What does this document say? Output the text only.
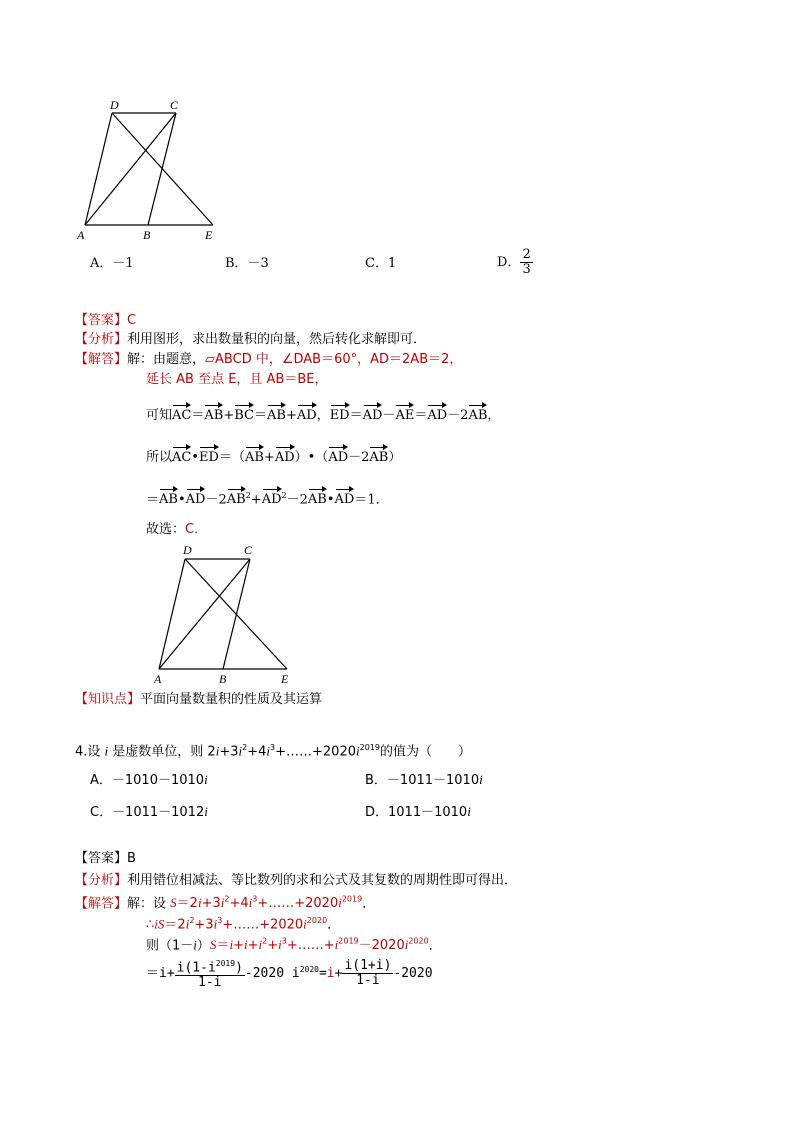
D	C
A	B	E
A．－1	B．－3	C．1	D． $\frac{2}{3}$
【答案】C
【分析】利用图形，求出数量积的向量，然后转化求解即可．
【解答】解：由题意，▱ABCD 中，∠DAB＝60°，AD＝2AB＝2，
延长 AB 至点 E，且 AB＝BE，
可知AC＝AB+BC＝AB+AD，ED＝AD－AE＝AD－2AB，
所以AC•ED＝（AB+AD）•（AD－2AB）
$=AB•AD-2AB^2+AD^2-2AB•AD=1$．
故选：C．
D	C
A	B	E
【知识点】平面向量数量积的性质及其运算
4.设 i 是虚数单位，则 $2i+3i^2+4i^3+\dots\dots+2020i^{2019}$的值为（　　）
A．－1010－1010i	B．－1011－1010i
C．－1011－1012i	D．1011－1010i
【答案】B
【分析】利用错位相减法、等比数列的求和公式及其复数的周期性即可得出．
【解答】解：设 $S=2i+3i^2+4i^3+\dots\dots+2020i^{2019}$．
$\therefore iS=2i^2+3i^3+\dots\dots+2020i^{2020}$．
则$(1-i)S=i+i+i^2+i^3+\dots\dots+i^{2019}-2020i^{2020}$．
$=i+ \frac{i(1-i^{2019})}{1-i} -2020$ $i^{2020}=i+ \frac{i(1+i)}{1-i} -2020$
